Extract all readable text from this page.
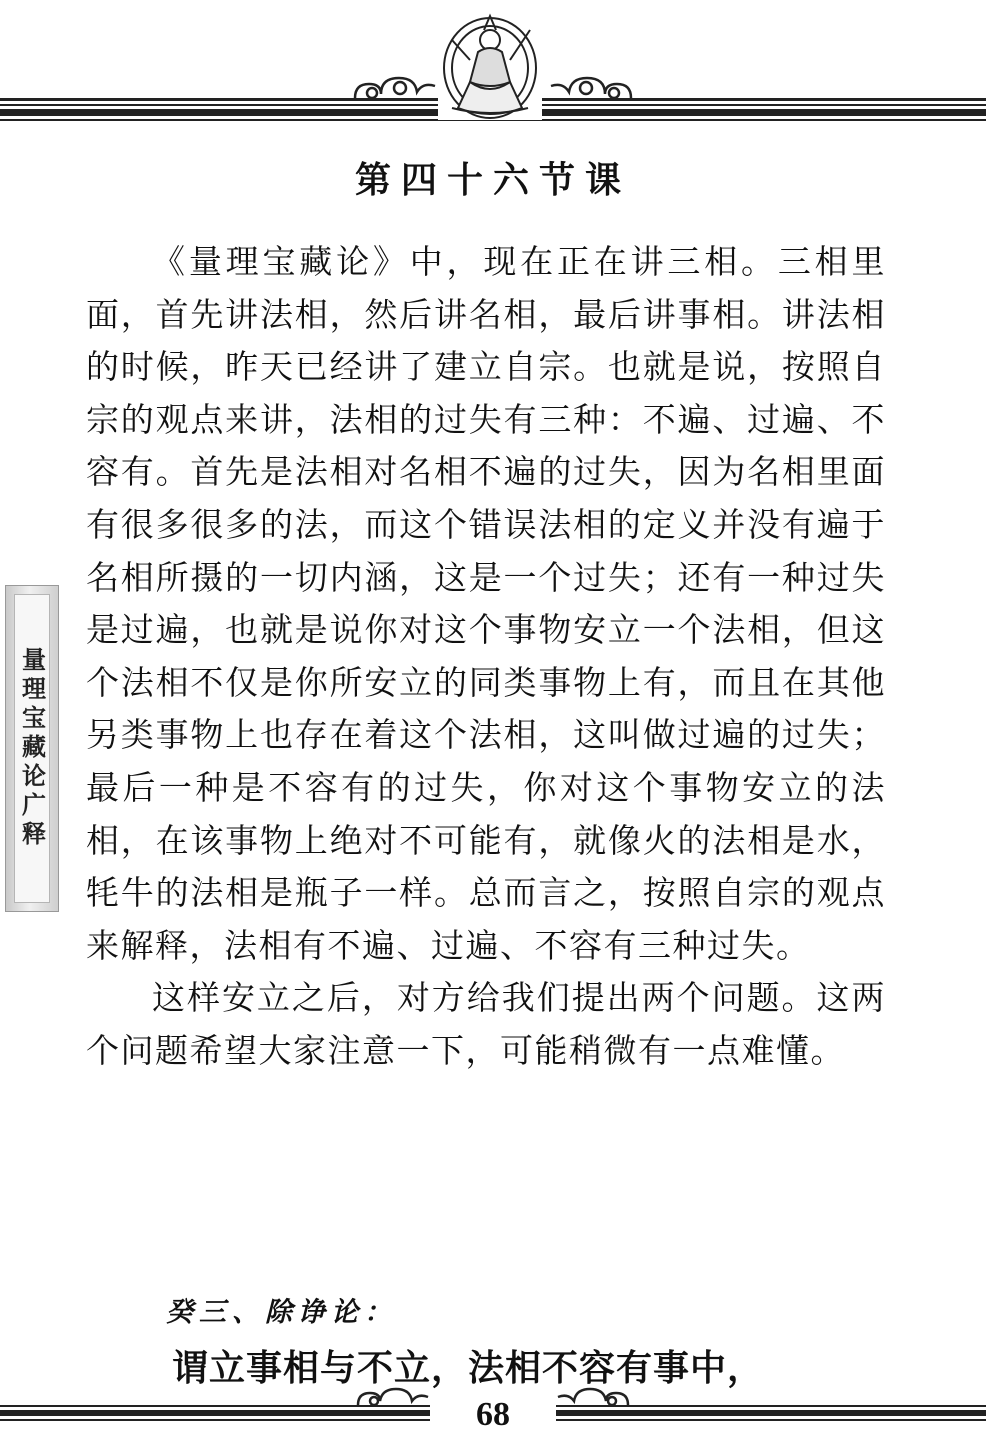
第四十六节课

《量理宝藏论》中，现在正在讲三相。三相里面，首先讲法相，然后讲名相，最后讲事相。讲法相的时候，昨天已经讲了建立自宗。也就是说，按照自宗的观点来讲，法相的过失有三种：不遍、过遍、不容有。首先是法相对名相不遍的过失，因为名相里面有很多很多的法，而这个错误法相的定义并没有遍于名相所摄的一切内涵，这是一个过失；还有一种过失是过遍，也就是说你对这个事物安立一个法相，但这个法相不仅是你所安立的同类事物上有，而且在其他另类事物上也存在着这个法相，这叫做过遍的过失；最后一种是不容有的过失，你对这个事物安立的法相，在该事物上绝对不可能有，就像火的法相是水，牦牛的法相是瓶子一样。总而言之，按照自宗的观点来解释，法相有不遍、过遍、不容有三种过失。

这样安立之后，对方给我们提出两个问题。这两个问题希望大家注意一下，可能稍微有一点难懂。

量理宝藏论广释
癸三、除诤论：
谓立事相与不立，法相不容有事中，
68
